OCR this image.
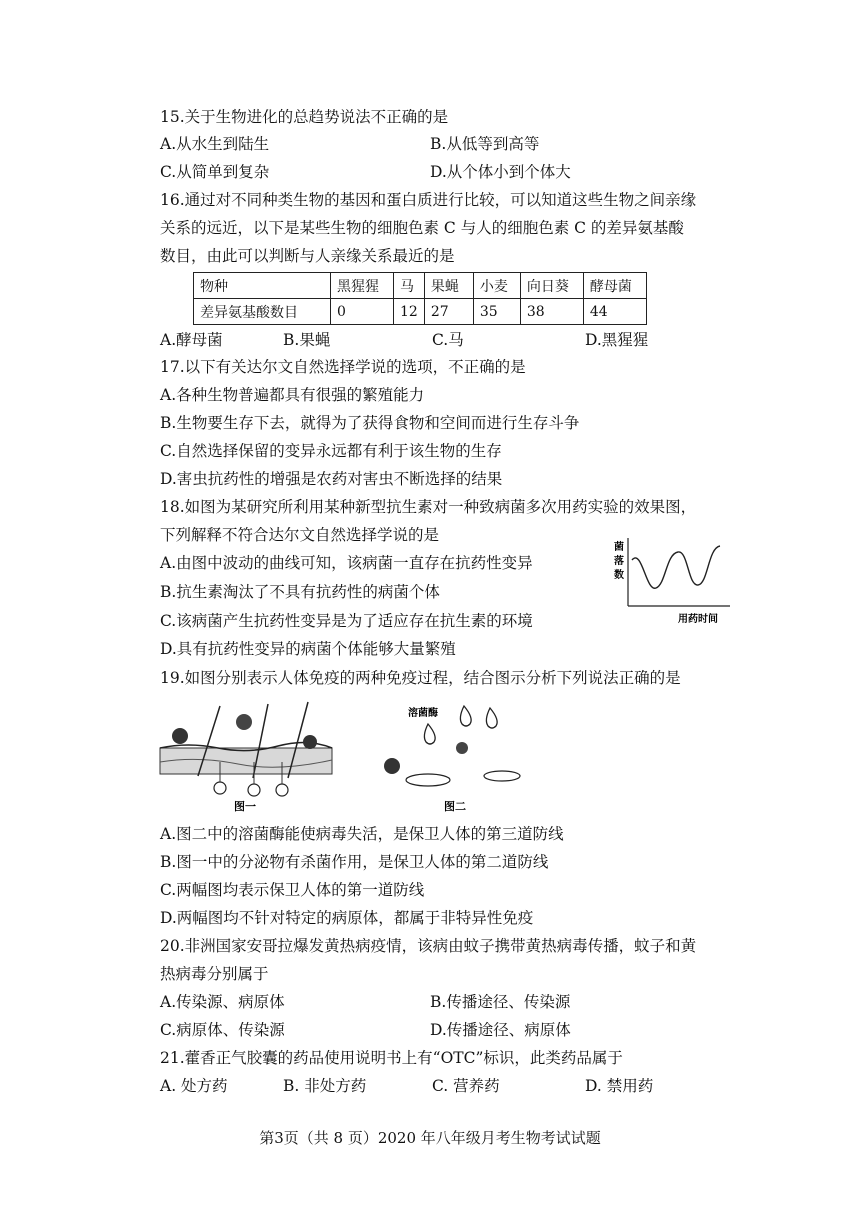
15.关于生物进化的总趋势说法不正确的是
A.从水生到陆生	B.从低等到高等
C.从简单到复杂	D.从个体小到个体大
16.通过对不同种类生物的基因和蛋白质进行比较，可以知道这些生物之间亲缘
关系的远近，以下是某些生物的细胞色素 C 与人的细胞色素 C 的差异氨基酸
数目，由此可以判断与人亲缘关系最近的是
物种	黑猩猩	马	果蝇	小麦	向日葵	酵母菌
差异氨基酸数目	0	12	27	35	38	44
A.酵母菌	B.果蝇	C.马	D.黑猩猩
17.以下有关达尔文自然选择学说的选项，不正确的是
A.各种生物普遍都具有很强的繁殖能力
B.生物要生存下去，就得为了获得食物和空间而进行生存斗争
C.自然选择保留的变异永远都有利于该生物的生存
D.害虫抗药性的增强是农药对害虫不断选择的结果
18.如图为某研究所利用某种新型抗生素对一种致病菌多次用药实验的效果图，
下列解释不符合达尔文自然选择学说的是
A.由图中波动的曲线可知，该病菌一直存在抗药性变异
B.抗生素淘汰了不具有抗药性的病菌个体
C.该病菌产生抗药性变异是为了适应存在抗生素的环境
D.具有抗药性变异的病菌个体能够大量繁殖
菌
落
数
用药时间
19.如图分别表示人体免疫的两种免疫过程，结合图示分析下列说法正确的是
图一
溶菌酶
图二
A.图二中的溶菌酶能使病毒失活，是保卫人体的第三道防线
B.图一中的分泌物有杀菌作用，是保卫人体的第二道防线
C.两幅图均表示保卫人体的第一道防线
D.两幅图均不针对特定的病原体，都属于非特异性免疫
20.非洲国家安哥拉爆发黄热病疫情，该病由蚊子携带黄热病毒传播，蚊子和黄
热病毒分别属于
A.传染源、病原体	B.传播途径、传染源
C.病原体、传染源	D.传播途径、病原体
21.藿香正气胶囊的药品使用说明书上有“OTC”标识，此类药品属于
A. 处方药	B. 非处方药	C. 营养药	D. 禁用药
第3页（共 8 页）2020 年八年级月考生物考试试题
